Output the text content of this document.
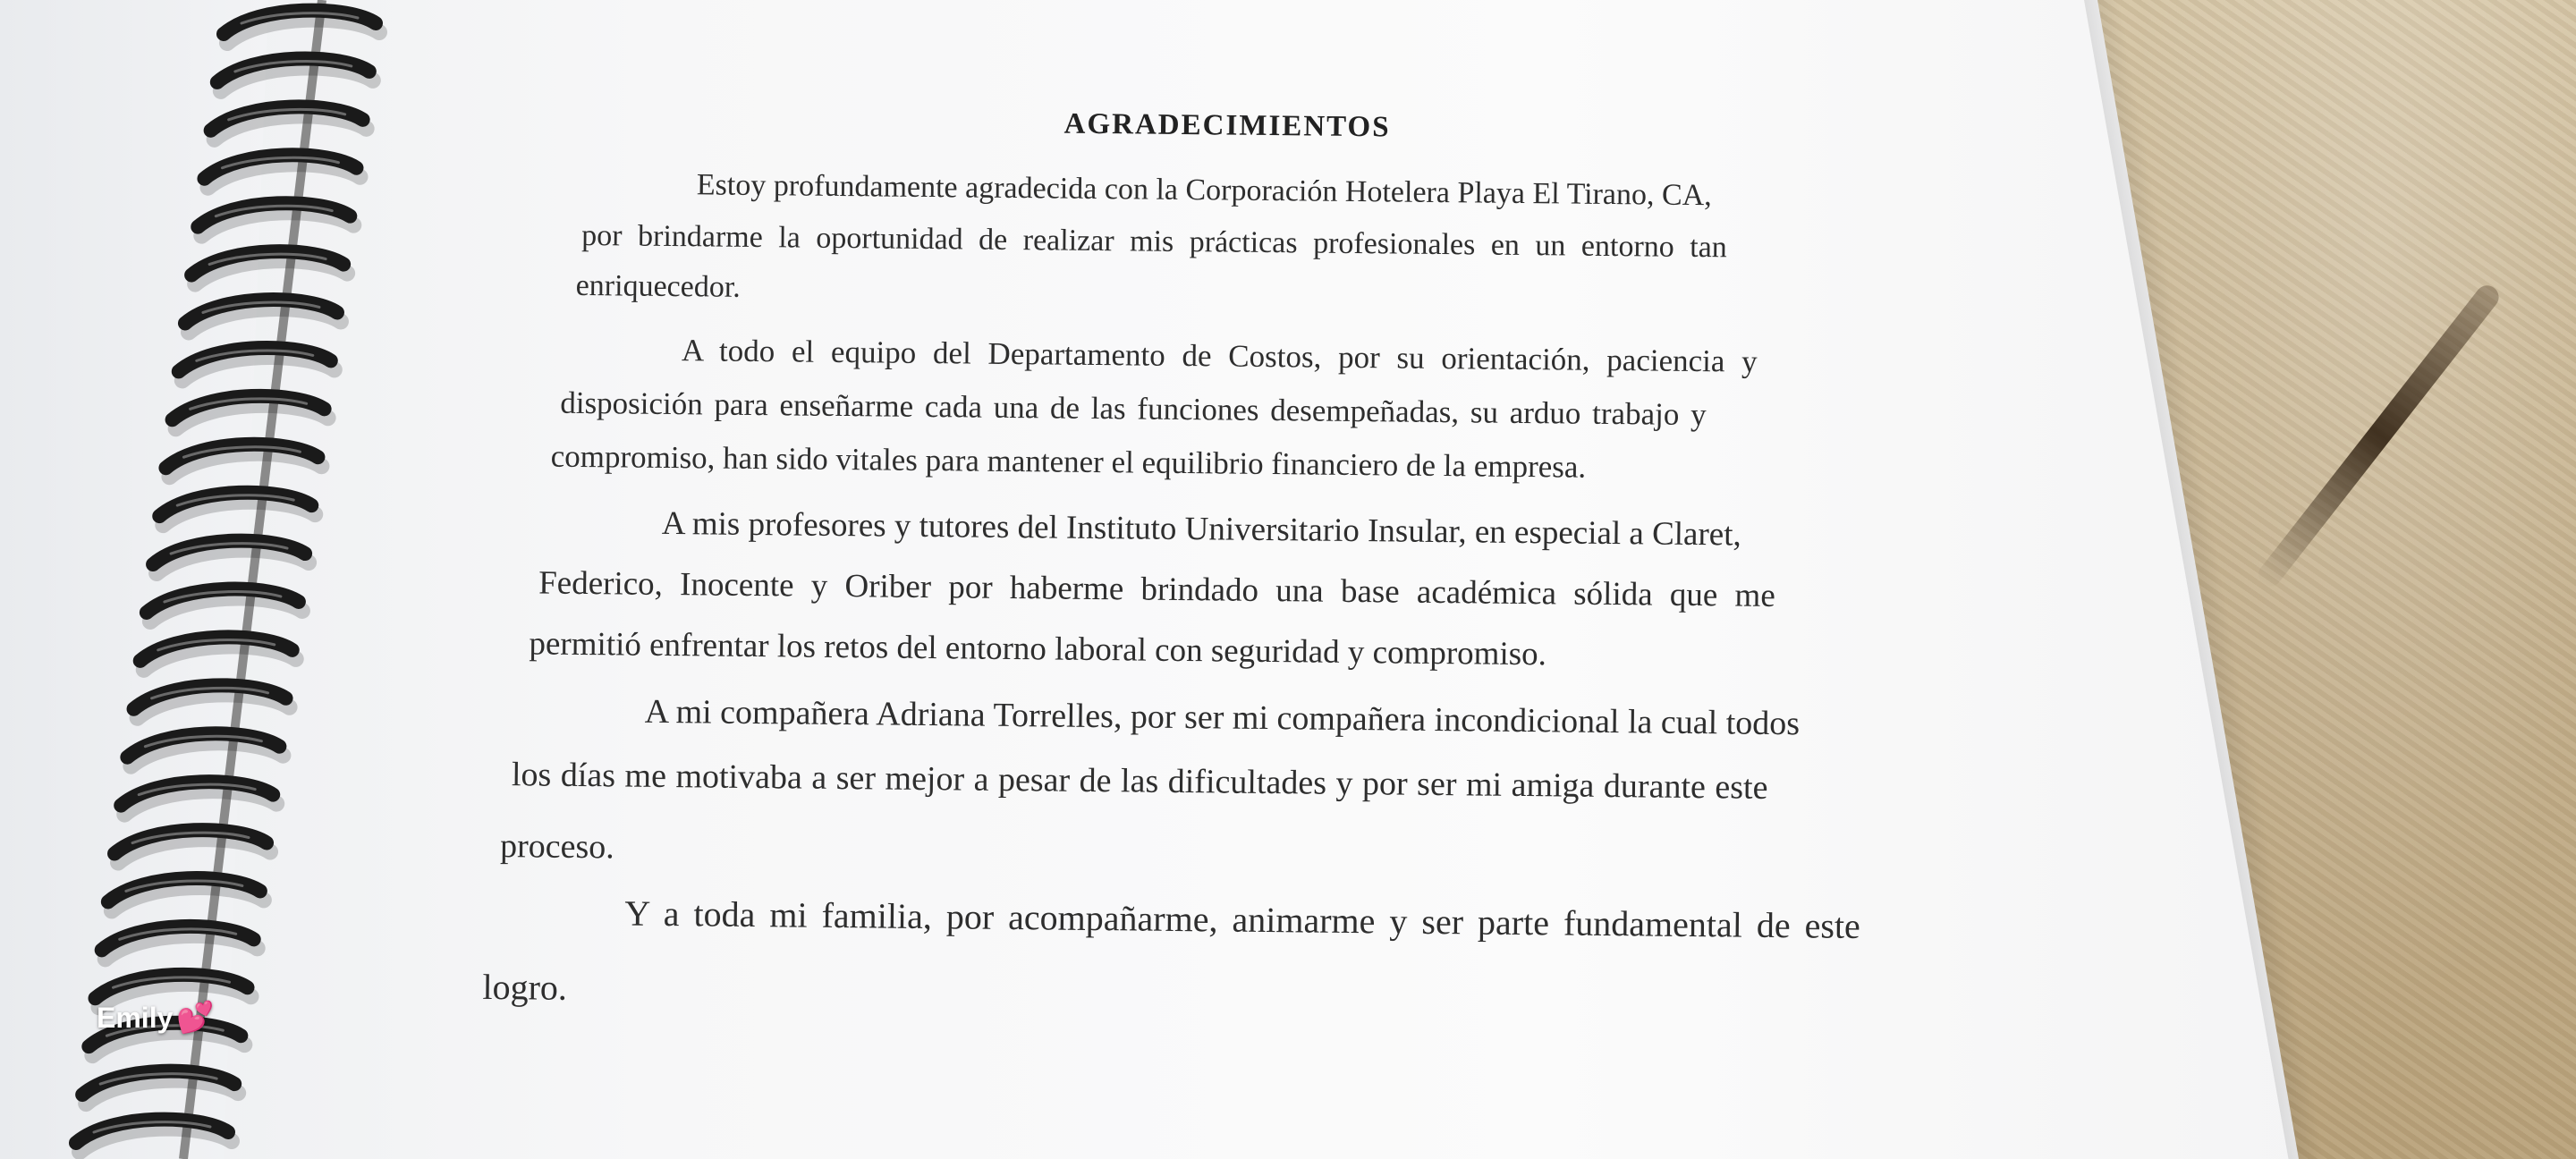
AGRADECIMIENTOS
Estoy profundamente agradecida con la Corporación Hotelera Playa El Tirano, CA,
por brindarme la oportunidad de realizar mis prácticas profesionales en un entorno tan
enriquecedor.
A todo el equipo del Departamento de Costos, por su orientación, paciencia y
disposición para enseñarme cada una de las funciones desempeñadas, su arduo trabajo y
compromiso, han sido vitales para mantener el equilibrio financiero de la empresa.
A mis profesores y tutores del Instituto Universitario Insular, en especial a Claret,
Federico, Inocente y Oriber por haberme brindado una base académica sólida que me
permitió enfrentar los retos del entorno laboral con seguridad y compromiso.
A mi compañera Adriana Torrelles, por ser mi compañera incondicional la cual todos
los días me motivaba a ser mejor a pesar de las dificultades y por ser mi amiga durante este
proceso.
Y a toda mi familia, por acompañarme, animarme y ser parte fundamental de este
logro.
Emily 💕
